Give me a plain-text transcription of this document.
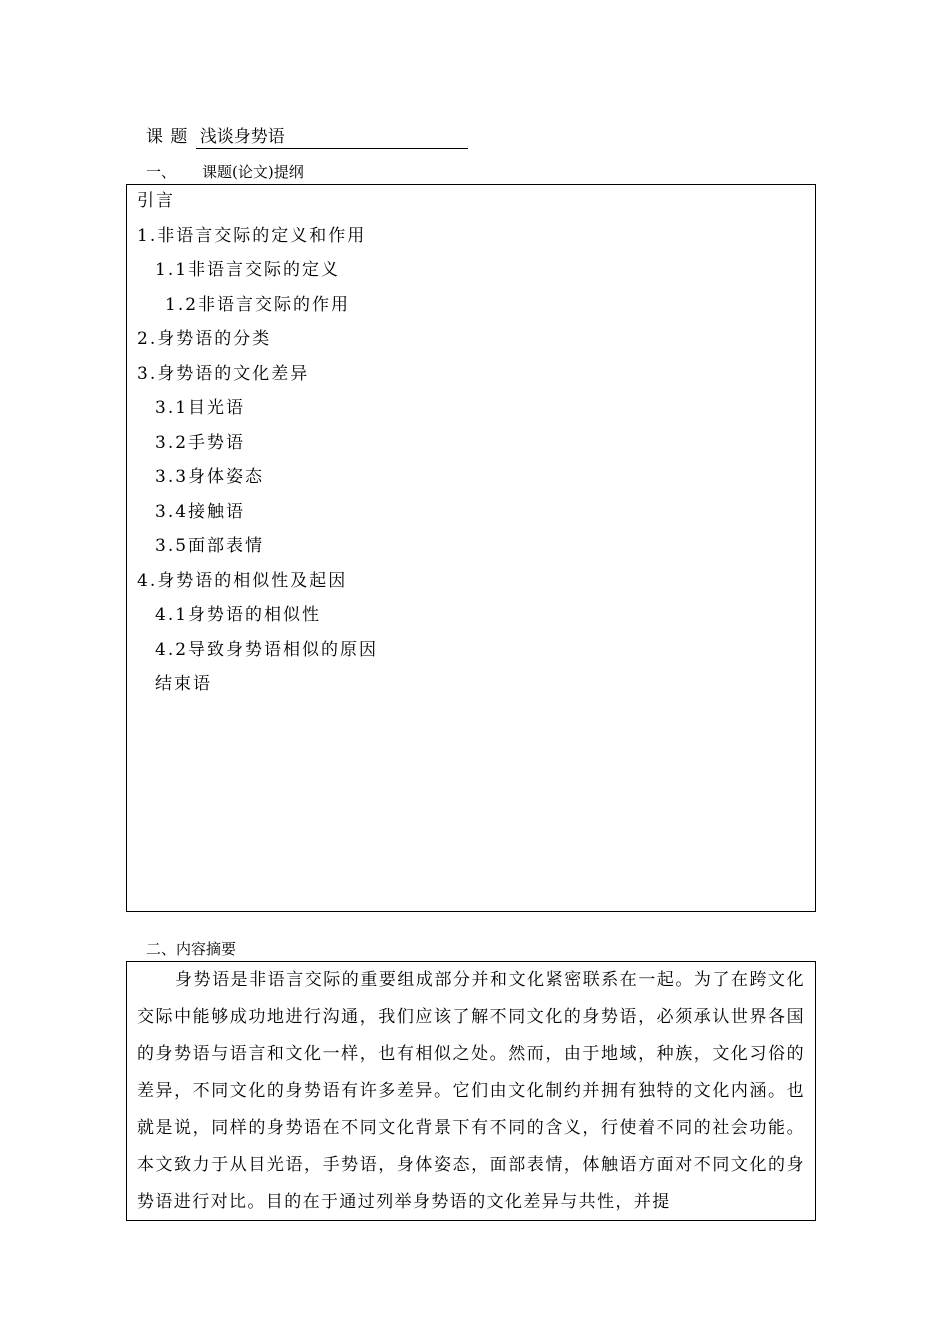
课 题 浅谈身势语
一、 课题(论文)提纲
引言
1.非语言交际的定义和作用
1.1非语言交际的定义
1.2非语言交际的作用
2.身势语的分类
3.身势语的文化差异
3.1目光语
3.2手势语
3.3身体姿态
3.4接触语
3.5面部表情
4.身势语的相似性及起因
4.1身势语的相似性
4.2导致身势语相似的原因
结束语
二、内容摘要

身势语是非语言交际的重要组成部分并和文化紧密联系在一起。为了在跨文化交际中能够成功地进行沟通，我们应该了解不同文化的身势语，必须承认世界各国的身势语与语言和文化一样，也有相似之处。然而，由于地域，种族，文化习俗的差异，不同文化的身势语有许多差异。它们由文化制约并拥有独特的文化内涵。也就是说，同样的身势语在不同文化背景下有不同的含义，行使着不同的社会功能。本文致力于从目光语，手势语，身体姿态，面部表情，体触语方面对不同文化的身势语进行对比。目的在于通过列举身势语的文化差异与共性，并提
